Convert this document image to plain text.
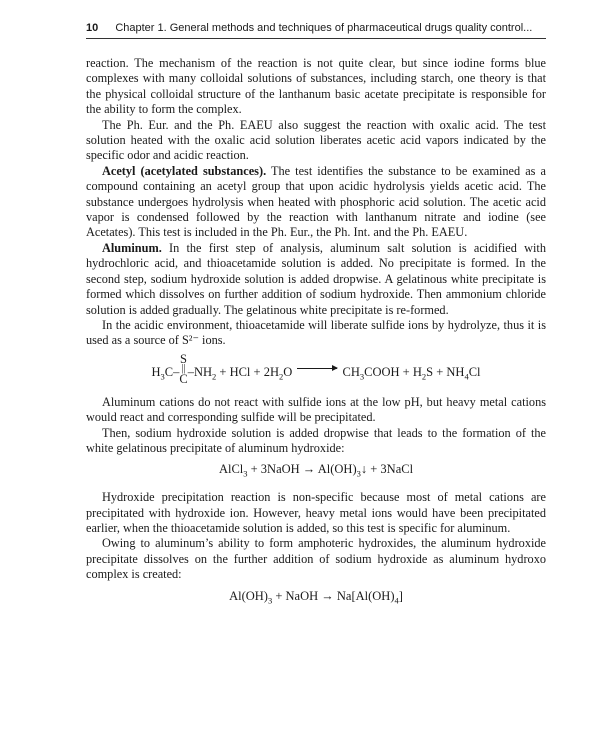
10 Chapter 1. General methods and techniques of pharmaceutical drugs quality control...

reaction. The mechanism of the reaction is not quite clear, but since iodine forms blue complexes with many colloidal solutions of substances, including starch, one theory is that the physical colloidal structure of the lanthanum basic acetate precipitate is responsible for the ability to form the complex.

The Ph. Eur. and the Ph. EAEU also suggest the reaction with oxalic acid. The test solution heated with the oxalic acid solution liberates acetic acid vapors indicated by the specific odor and acidic reaction.

Acetyl (acetylated substances). The test identifies the substance to be examined as a compound containing an acetyl group that upon acidic hydrolysis yields acetic acid. The substance undergoes hydrolysis when heated with phosphoric acid solution. The acetic acid vapor is condensed followed by the reaction with lanthanum nitrate and iodine (see Acetates). This test is included in the Ph. Eur., the Ph. Int. and the Ph. EAEU.

Aluminum. In the first step of analysis, aluminum salt solution is acidified with hydrochloric acid, and thioacetamide solution is added. No precipitate is formed. In the second step, sodium hydroxide solution is added dropwise. A gelatinous white precipitate is formed which dissolves on further addition of sodium hydroxide. Then ammonium chloride solution is added gradually. The gelatinous white precipitate is re-formed.

In the acidic environment, thioacetamide will liberate sulfide ions by hydrolyze, thus it is used as a source of S²⁻ ions.

$H_3C-$
S
||
C $-NH_2$ + HCl + $2H_2O$	$CH_3COOH + H_2S + NH_4Cl$

Aluminum cations do not react with sulfide ions at the low pH, but heavy metal cations would react and corresponding sulfide will be precipitated.

Then, sodium hydroxide solution is added dropwise that leads to the formation of the white gelatinous precipitate of aluminum hydroxide:

AlCl$_3$ + 3NaOH → $Al(OH)_3↓$ + 3NaCl

Hydroxide precipitation reaction is non-specific because most of metal cations are precipitated with hydroxide ion. However, heavy metal ions would have been precipitated earlier, when the thioacetamide solution is added, so this test is specific for aluminum.

Owing to aluminum’s ability to form amphoteric hydroxides, the aluminum hydroxide precipitate dissolves on the further addition of sodium hydroxide as aluminum hydroxo complex is created:

$Al(OH)_3$ + NaOH → $Na[Al(OH)_4]$
